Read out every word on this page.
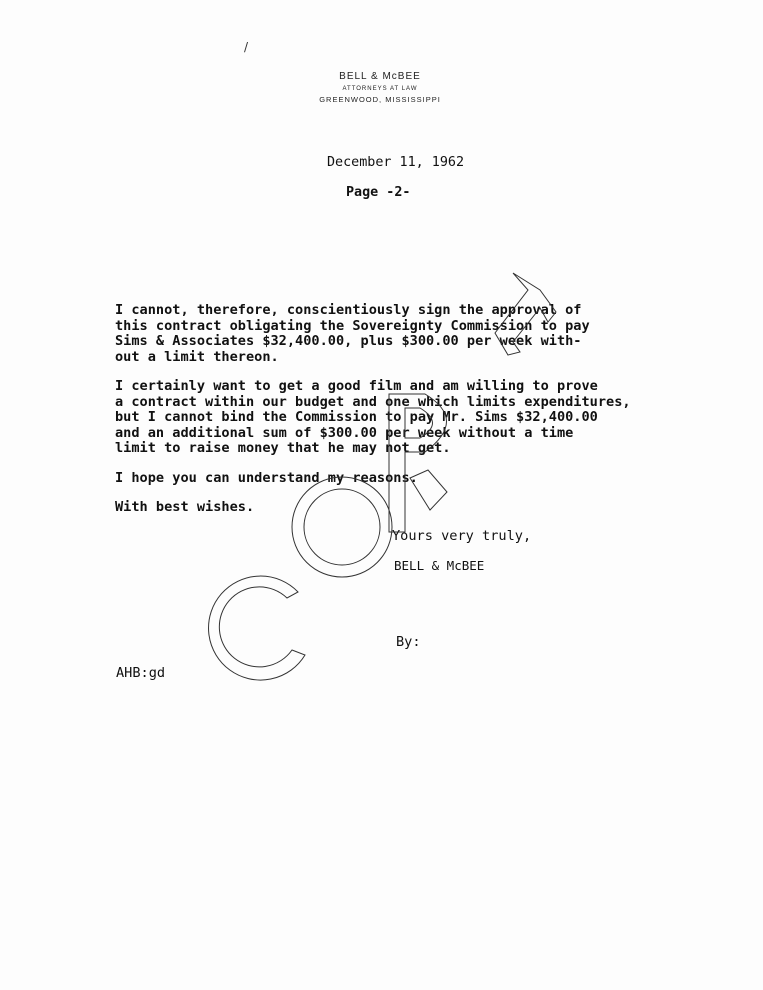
BELL & McBEE
ATTORNEYS AT LAW
GREENWOOD, MISSISSIPPI
December 11, 1962
Page -2-
I cannot, therefore, conscientiously sign the approval of
this contract obligating the Sovereignty Commission to pay
Sims & Associates $32,400.00, plus $300.00 per week with-
out a limit thereon.
I certainly want to get a good film and am willing to prove
a contract within our budget and one which limits expenditures,
but I cannot bind the Commission to pay Mr. Sims $32,400.00
and an additional sum of $300.00 per week without a time
limit to raise money that he may not get.
I hope you can understand my reasons.
With best wishes.
Yours very truly,
BELL & McBEE
By:
AHB:gd
/
